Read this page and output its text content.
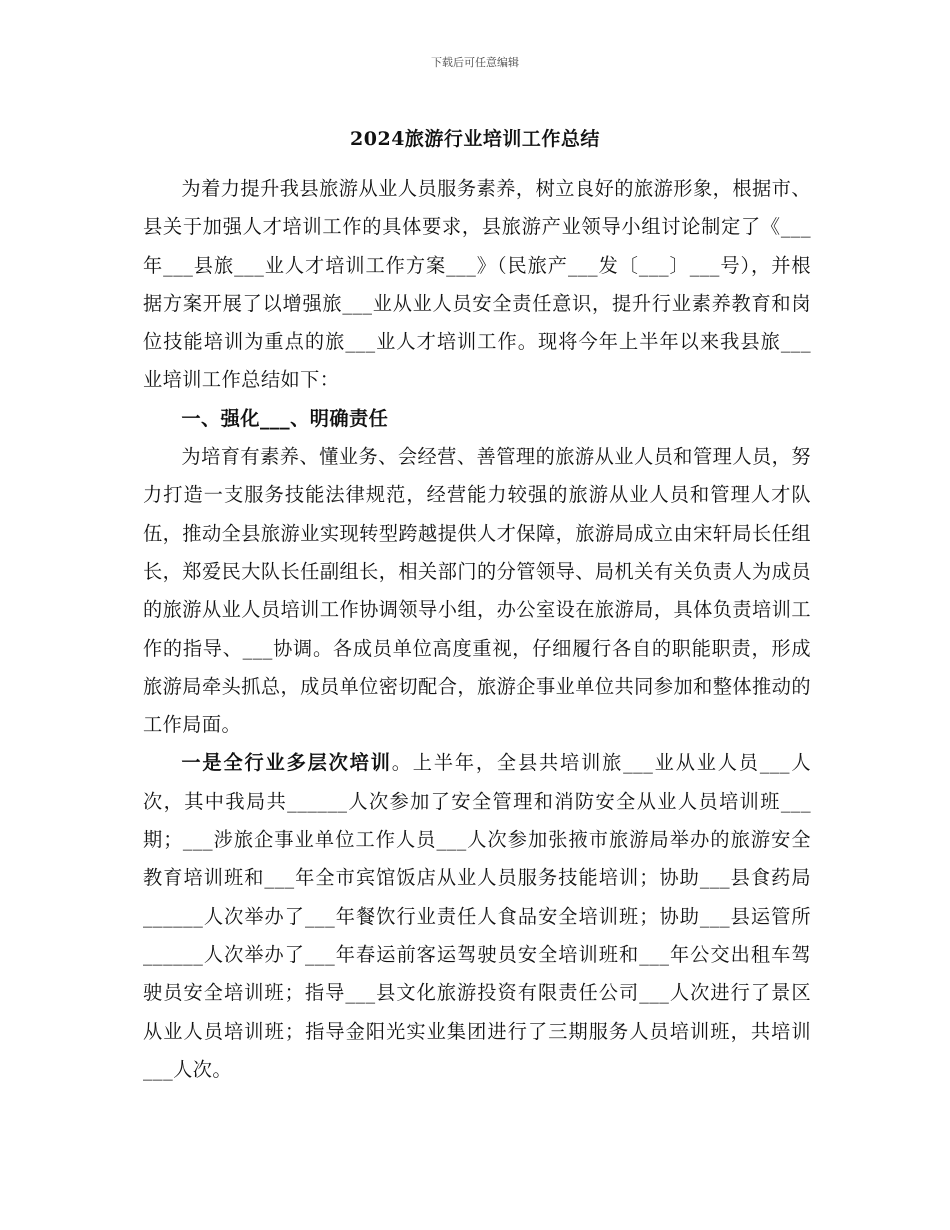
下载后可任意编辑
2024旅游行业培训工作总结

为着力提升我县旅游从业人员服务素养，树立良好的旅游形象，根据市、县关于加强人才培训工作的具体要求，县旅游产业领导小组讨论制定了《___年___县旅___业人才培训工作方案___》（民旅产___发〔___〕___号），并根据方案开展了以增强旅___业从业人员安全责任意识，提升行业素养教育和岗位技能培训为重点的旅___业人才培训工作。现将今年上半年以来我县旅___业培训工作总结如下：

一、强化___、明确责任

为培育有素养、懂业务、会经营、善管理的旅游从业人员和管理人员，努力打造一支服务技能法律规范，经营能力较强的旅游从业人员和管理人才队伍，推动全县旅游业实现转型跨越提供人才保障，旅游局成立由宋轩局长任组长，郑爱民大队长任副组长，相关部门的分管领导、局机关有关负责人为成员的旅游从业人员培训工作协调领导小组，办公室设在旅游局，具体负责培训工作的指导、___协调。各成员单位高度重视，仔细履行各自的职能职责，形成旅游局牵头抓总，成员单位密切配合，旅游企事业单位共同参加和整体推动的工作局面。

一是全行业多层次培训。上半年，全县共培训旅___业从业人员___人次，其中我局共______人次参加了安全管理和消防安全从业人员培训班___期；___涉旅企事业单位工作人员___人次参加张掖市旅游局举办的旅游安全教育培训班和___年全市宾馆饭店从业人员服务技能培训；协助___县食药局______人次举办了___年餐饮行业责任人食品安全培训班；协助___县运管所______人次举办了___年春运前客运驾驶员安全培训班和___年公交出租车驾驶员安全培训班；指导___县文化旅游投资有限责任公司___人次进行了景区从业人员培训班；指导金阳光实业集团进行了三期服务人员培训班，共培训___人次。
